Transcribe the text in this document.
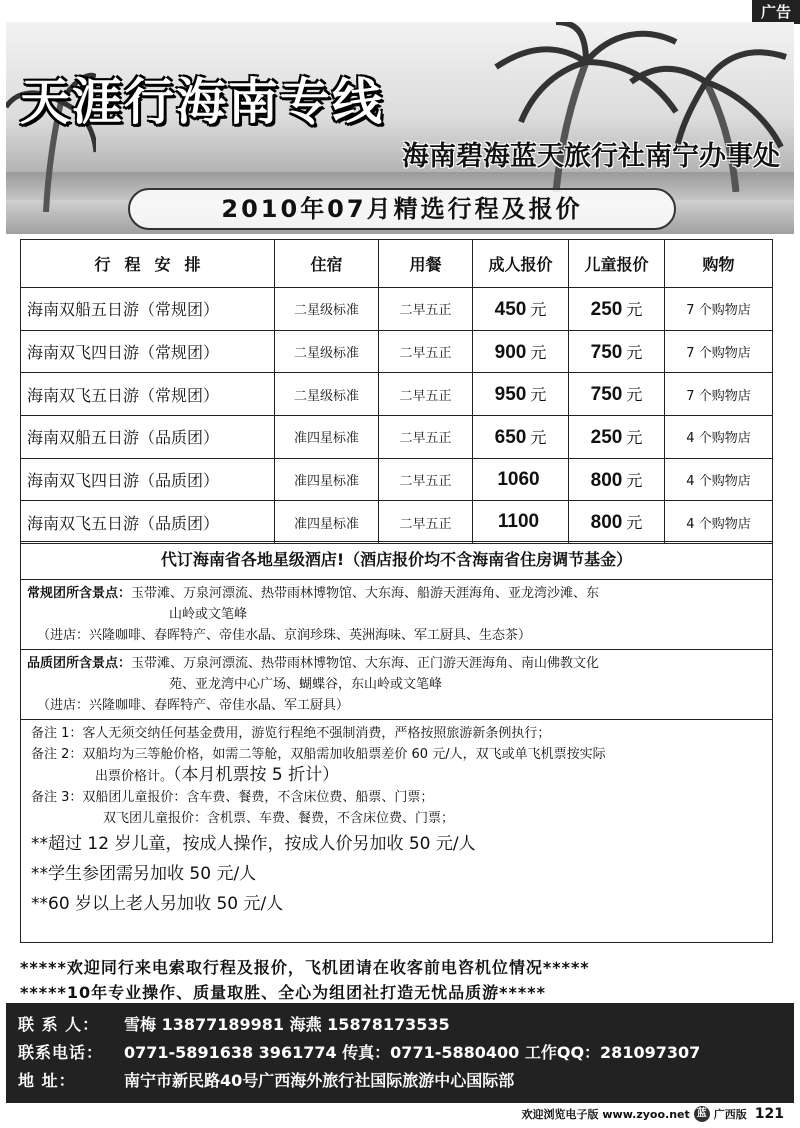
广告
天涯行海南专线
海南碧海蓝天旅行社南宁办事处
2010年07月精选行程及报价
行程安排	住宿	用餐	成人报价	儿童报价	购物
海南双船五日游（常规团）	二星级标准	二早五正	450 元	250 元	7 个购物店
海南双飞四日游（常规团）	二星级标准	二早五正	900 元	750 元	7 个购物店
海南双飞五日游（常规团）	二星级标准	二早五正	950 元	750 元	7 个购物店
海南双船五日游（品质团）	准四星标准	二早五正	650 元	250 元	4 个购物店
海南双飞四日游（品质团）	准四星标准	二早五正	1060	800 元	4 个购物店
海南双飞五日游（品质团）	准四星标准	二早五正	1100	800 元	4 个购物店
代订海南省各地星级酒店!（酒店报价均不含海南省住房调节基金）
常规团所含景点：玉带滩、万泉河漂流、热带雨林博物馆、大东海、船游天涯海角、亚龙湾沙滩、东
山岭或文笔峰
（进店：兴隆咖啡、春晖特产、帝佳水晶、京润珍珠、英洲海味、军工厨具、生态茶）
品质团所含景点：玉带滩、万泉河漂流、热带雨林博物馆、大东海、正门游天涯海角、南山佛教文化
苑、亚龙湾中心广场、蝴蝶谷，东山岭或文笔峰
（进店：兴隆咖啡、春晖特产、帝佳水晶、军工厨具）
备注 1：客人无须交纳任何基金费用，游览行程绝不强制消费，严格按照旅游新条例执行；
备注 2：双船均为三等舱价格，如需二等舱，双船需加收船票差价 60 元/人，双飞或单飞机票按实际
出票价格计。（本月机票按 5 折计）
备注 3：双船团儿童报价：含车费、餐费，不含床位费、船票、门票；
双飞团儿童报价：含机票、车费、餐费，不含床位费、门票；
**超过 12 岁儿童，按成人操作，按成人价另加收 50 元/人
**学生参团需另加收 50 元/人
**60 岁以上老人另加收 50 元/人
*****欢迎同行来电索取行程及报价，飞机团请在收客前电咨机位情况*****
*****10年专业操作、质量取胜、全心为组团社打造无忧品质游*****
联 系 人： 雪梅 13877189981 海燕 15878173535
联系电话： 0771-5891638 3961774 传真：0771-5880400 工作QQ：281097307
地 址：	南宁市新民路40号广西海外旅行社国际旅游中心国际部
欢迎浏览电子版 www.zyoo.net 蓝 广西版 121
